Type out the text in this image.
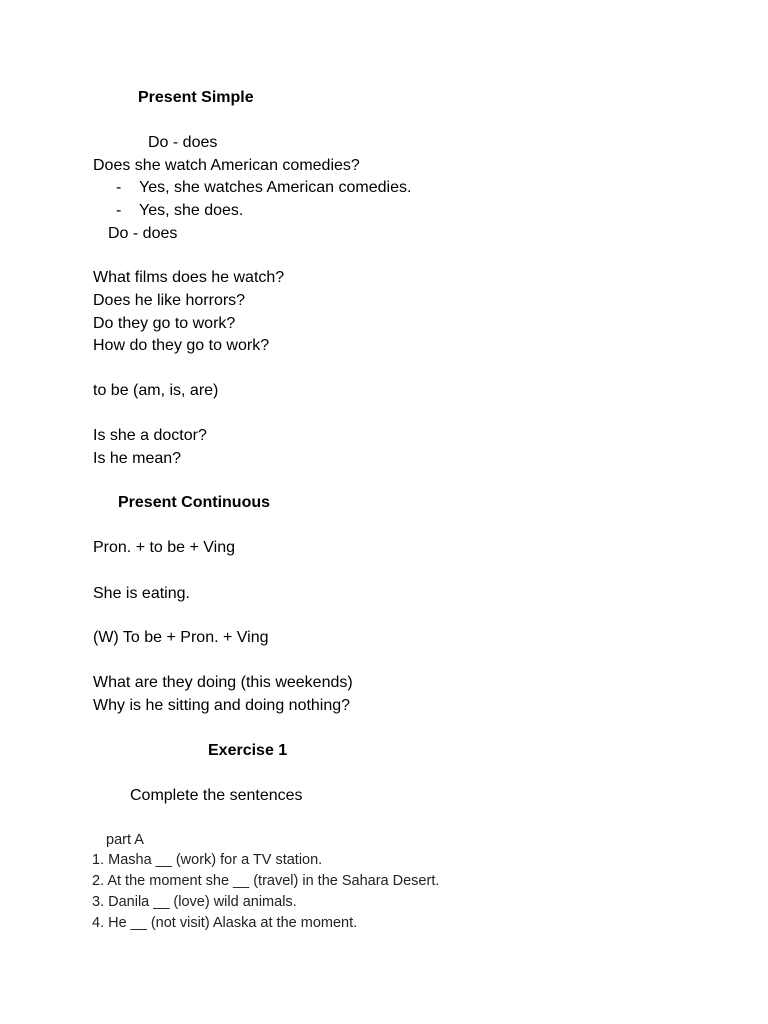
Present Simple
Do - does
Does she watch American comedies?
- Yes, she watches American comedies.
- Yes, she does.
Do - does
What films does he watch?
Does he like horrors?
Do they go to work?
How do they go to work?
to be (am, is, are)
Is she a doctor?
Is he mean?
Present Continuous
Pron. + to be + Ving
She is eating.
(W) To be + Pron. + Ving
What are they doing (this weekends)
Why is he sitting and doing nothing?
Exercise 1
Complete the sentences
part A
1. Masha __ (work) for a TV station.
2. At the moment she __ (travel) in the Sahara Desert.
3. Danila __ (love) wild animals.
4. He __ (not visit) Alaska at the moment.
